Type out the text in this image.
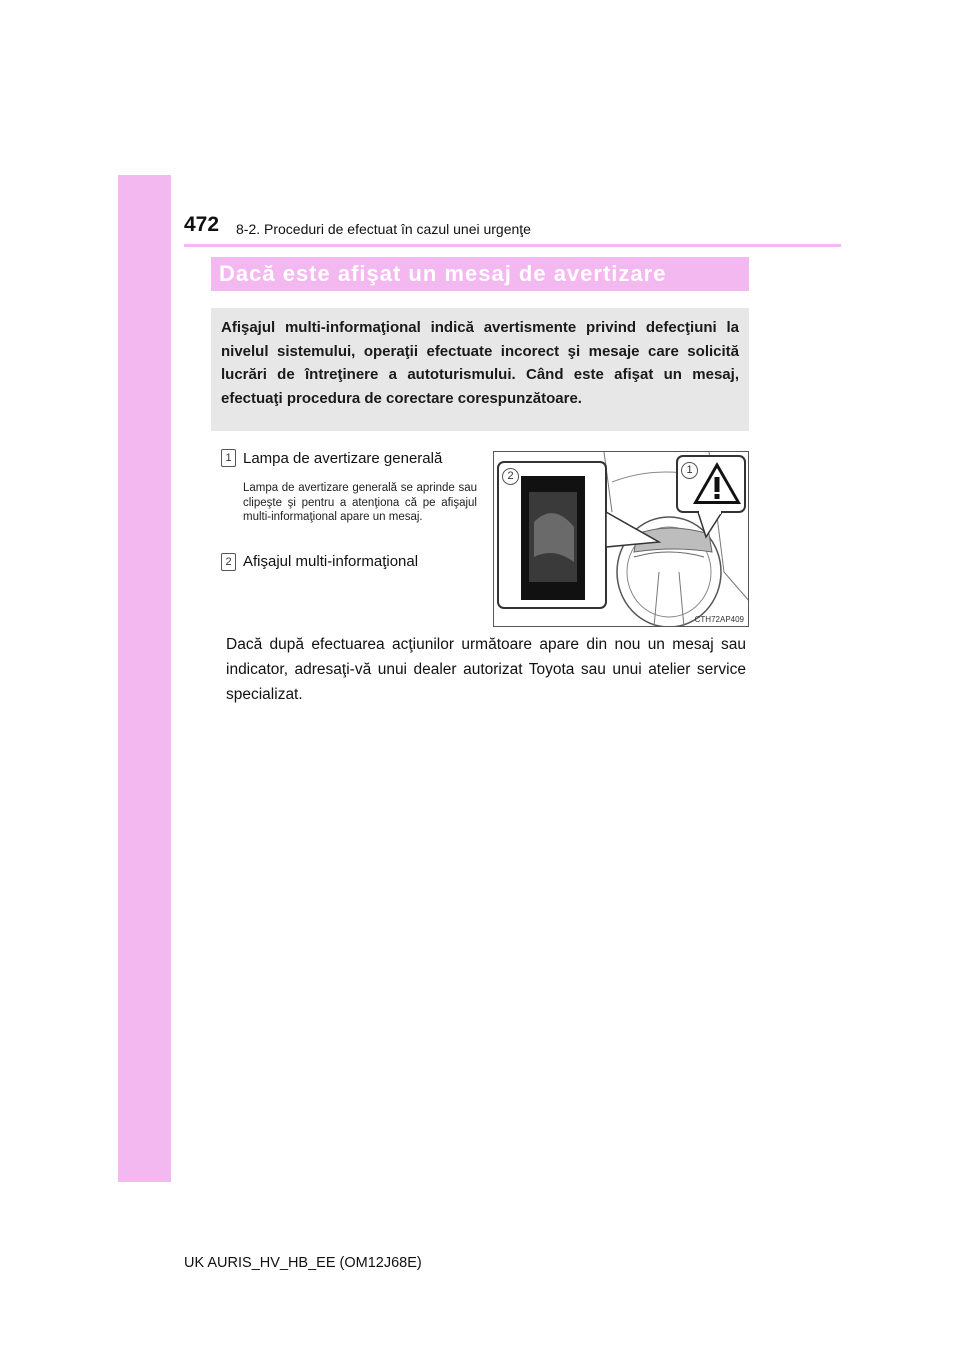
472 8-2. Proceduri de efectuat în cazul unei urgenţe
Dacă este afişat un mesaj de avertizare
Afişajul multi-informaţional indică avertismente privind defecţiuni la nivelul sistemului, operaţii efectuate incorect şi mesaje care solicită lucrări de întreţinere a autoturismului. Când este afişat un mesaj, efectuaţi procedura de corectare corespunzătoare.
1 Lampa de avertizare generală
Lampa de avertizare generală se aprinde sau clipeşte şi pentru a atenţiona că pe afişajul multi-informaţional apare un mesaj.
2 Afişajul multi-informaţional
2	1
CTH72AP409
Dacă după efectuarea acţiunilor următoare apare din nou un mesaj sau indicator, adresaţi-vă unui dealer autorizat Toyota sau unui atelier service specializat.
UK AURIS_HV_HB_EE (OM12J68E)
